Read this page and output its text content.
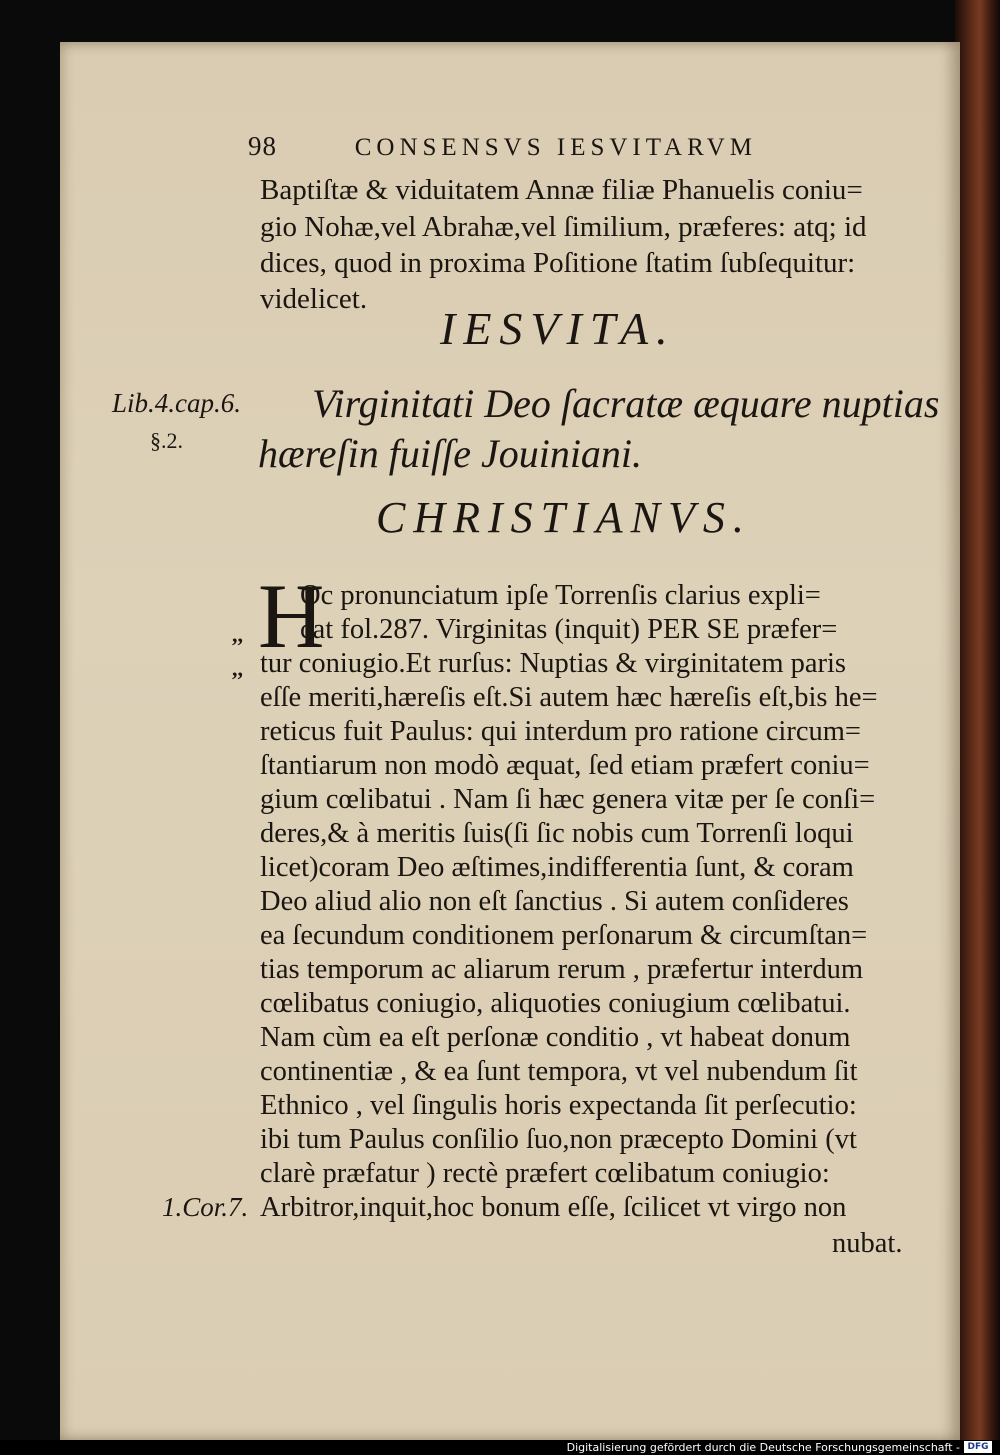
98	CONSENSVS IESVITARVM
Baptiſtæ & viduitatem Annæ filiæ Phanuelis coniu=
gio Nohæ,vel Abrahæ,vel ſimilium, præferes: atq; id
dices, quod in proxima Poſitione ſtatim ſubſequitur:
videlicet.
IESVITA.
Lib.4.cap.6.
§.2.
Virginitati Deo ſacratæ æquare nuptias
hæreſin fuiſſe Jouiniani.
CHRISTIANVS.
H
,,
,,
Oc pronunciatum ipſe Torrenſis clarius expli=
cat fol.287. Virginitas (inquit) PER SE præfer=
tur coniugio.Et rurſus: Nuptias & virginitatem paris
eſſe meriti,hæreſis eſt.Si autem hæc hæreſis eſt,bis he=
reticus fuit Paulus: qui interdum pro ratione circum=
ſtantiarum non modò æquat, ſed etiam præfert coniu=
gium cœlibatui . Nam ſi hæc genera vitæ per ſe conſi=
deres,& à meritis ſuis(ſi ſic nobis cum Torrenſi loqui
licet)coram Deo æſtimes,indifferentia ſunt, & coram
Deo aliud alio non eſt ſanctius . Si autem conſideres
ea ſecundum conditionem perſonarum & circumſtan=
tias temporum ac aliarum rerum , præfertur interdum
cœlibatus coniugio, aliquoties coniugium cœlibatui.
Nam cùm ea eſt perſonæ conditio , vt habeat donum
continentiæ , & ea ſunt tempora, vt vel nubendum ſit
Ethnico , vel ſingulis horis expectanda ſit perſecutio:
ibi tum Paulus conſilio ſuo,non præcepto Domini (vt
clarè præfatur ) rectè præfert cœlibatum coniugio:
Arbitror,inquit,hoc bonum eſſe, ſcilicet vt virgo non
1.Cor.7.
nubat.
Digitalisierung gefördert durch die Deutsche Forschungsgemeinschaft - DFG
